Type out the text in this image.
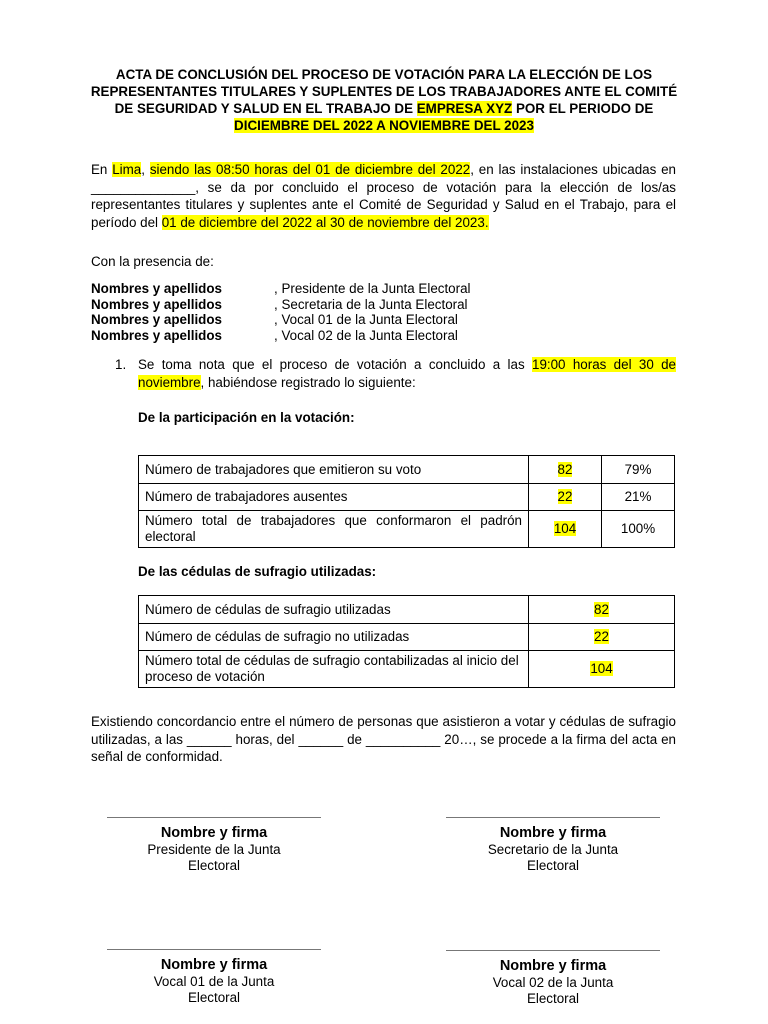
ACTA DE CONCLUSIÓN DEL PROCESO DE VOTACIÓN PARA LA ELECCIÓN DE LOS REPRESENTANTES TITULARES Y SUPLENTES DE LOS TRABAJADORES ANTE EL COMITÉ DE SEGURIDAD Y SALUD EN EL TRABAJO DE EMPRESA XYZ POR EL PERIODO DE DICIEMBRE DEL 2022 A NOVIEMBRE DEL 2023
En Lima, siendo las 08:50 horas del 01 de diciembre del 2022, en las instalaciones ubicadas en ______________, se da por concluido el proceso de votación para la elección de los/as representantes titulares y suplentes ante el Comité de Seguridad y Salud en el Trabajo, para el período del 01 de diciembre del 2022 al 30 de noviembre del 2023.
Con la presencia de:
Nombres y apellidos	, Presidente de la Junta Electoral
Nombres y apellidos	, Secretaria de la Junta Electoral
Nombres y apellidos	, Vocal 01 de la Junta Electoral
Nombres y apellidos	, Vocal 02 de la Junta Electoral
1. Se toma nota que el proceso de votación a concluido a las 19:00 horas del 30 de noviembre, habiéndose registrado lo siguiente:
De la participación en la votación:
Número de trabajadores que emitieron su voto	82	79%
Número de trabajadores ausentes	22	21%
Número total de trabajadores que conformaron el padrón electoral	104	100%
De las cédulas de sufragio utilizadas:
Número de cédulas de sufragio utilizadas	82
Número de cédulas de sufragio no utilizadas	22
Número total de cédulas de sufragio contabilizadas al inicio del proceso de votación	104
Existiendo concordancio entre el número de personas que asistieron a votar y cédulas de sufragio utilizadas, a las ______ horas, del ______ de __________ 20…, se procede a la firma del acta en señal de conformidad.
Nombre y firma
Presidente de la Junta
Electoral
Nombre y firma
Secretario de la Junta
Electoral
Nombre y firma
Vocal 01 de la Junta
Electoral
Nombre y firma
Vocal 02 de la Junta
Electoral
